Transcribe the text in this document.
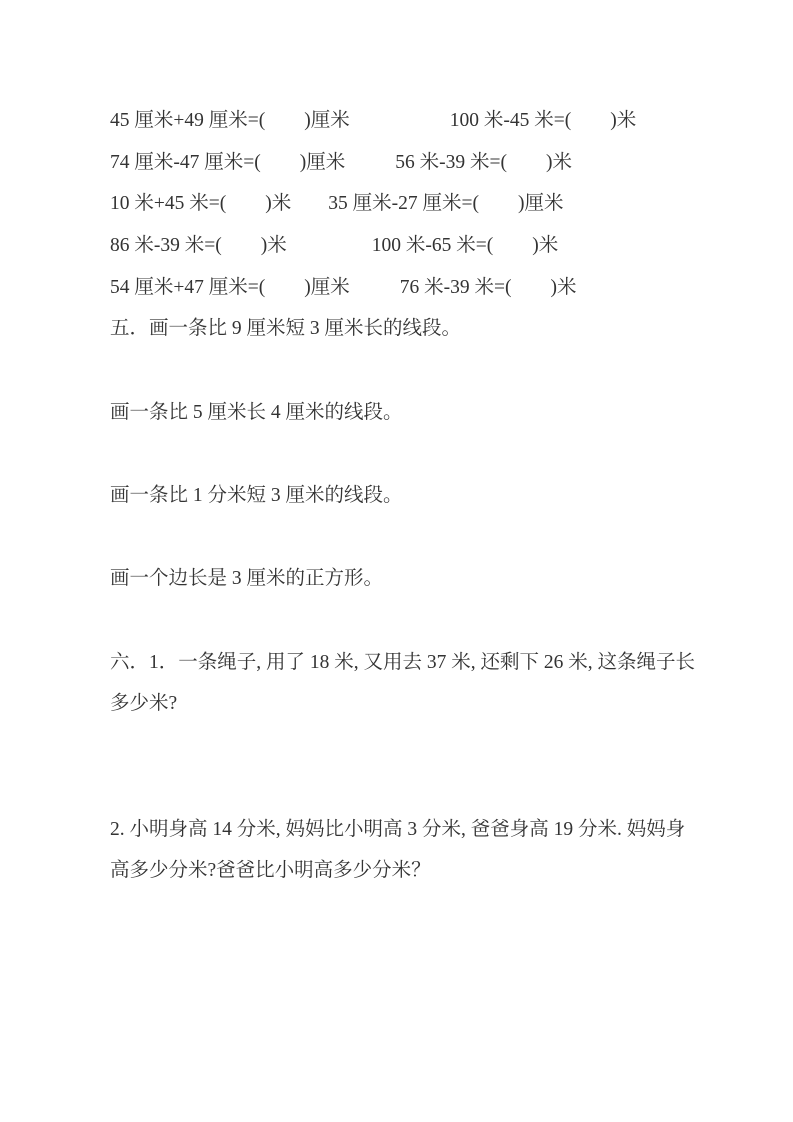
45 厘米+49 厘米=(　　)厘米	100 米-45 米=(　　)米
74 厘米-47 厘米=(　　)厘米	56 米-39 米=(　　)米
10 米+45 米=(　　)米 35 厘米-27 厘米=(　　)厘米
86 米-39 米=(　　)米	100 米-65 米=(　　)米
54 厘米+47 厘米=(　　)厘米	76 米-39 米=(　　)米
五．画一条比 9 厘米短 3 厘米长的线段。
画一条比 5 厘米长 4 厘米的线段。
画一条比 1 分米短 3 厘米的线段。
画一个边长是 3 厘米的正方形。
六．1．一条绳子, 用了 18 米, 又用去 37 米, 还剩下 26 米, 这条绳子长
多少米?
2. 小明身高 14 分米, 妈妈比小明高 3 分米, 爸爸身高 19 分米. 妈妈身
高多少分米?爸爸比小明高多少分米？
